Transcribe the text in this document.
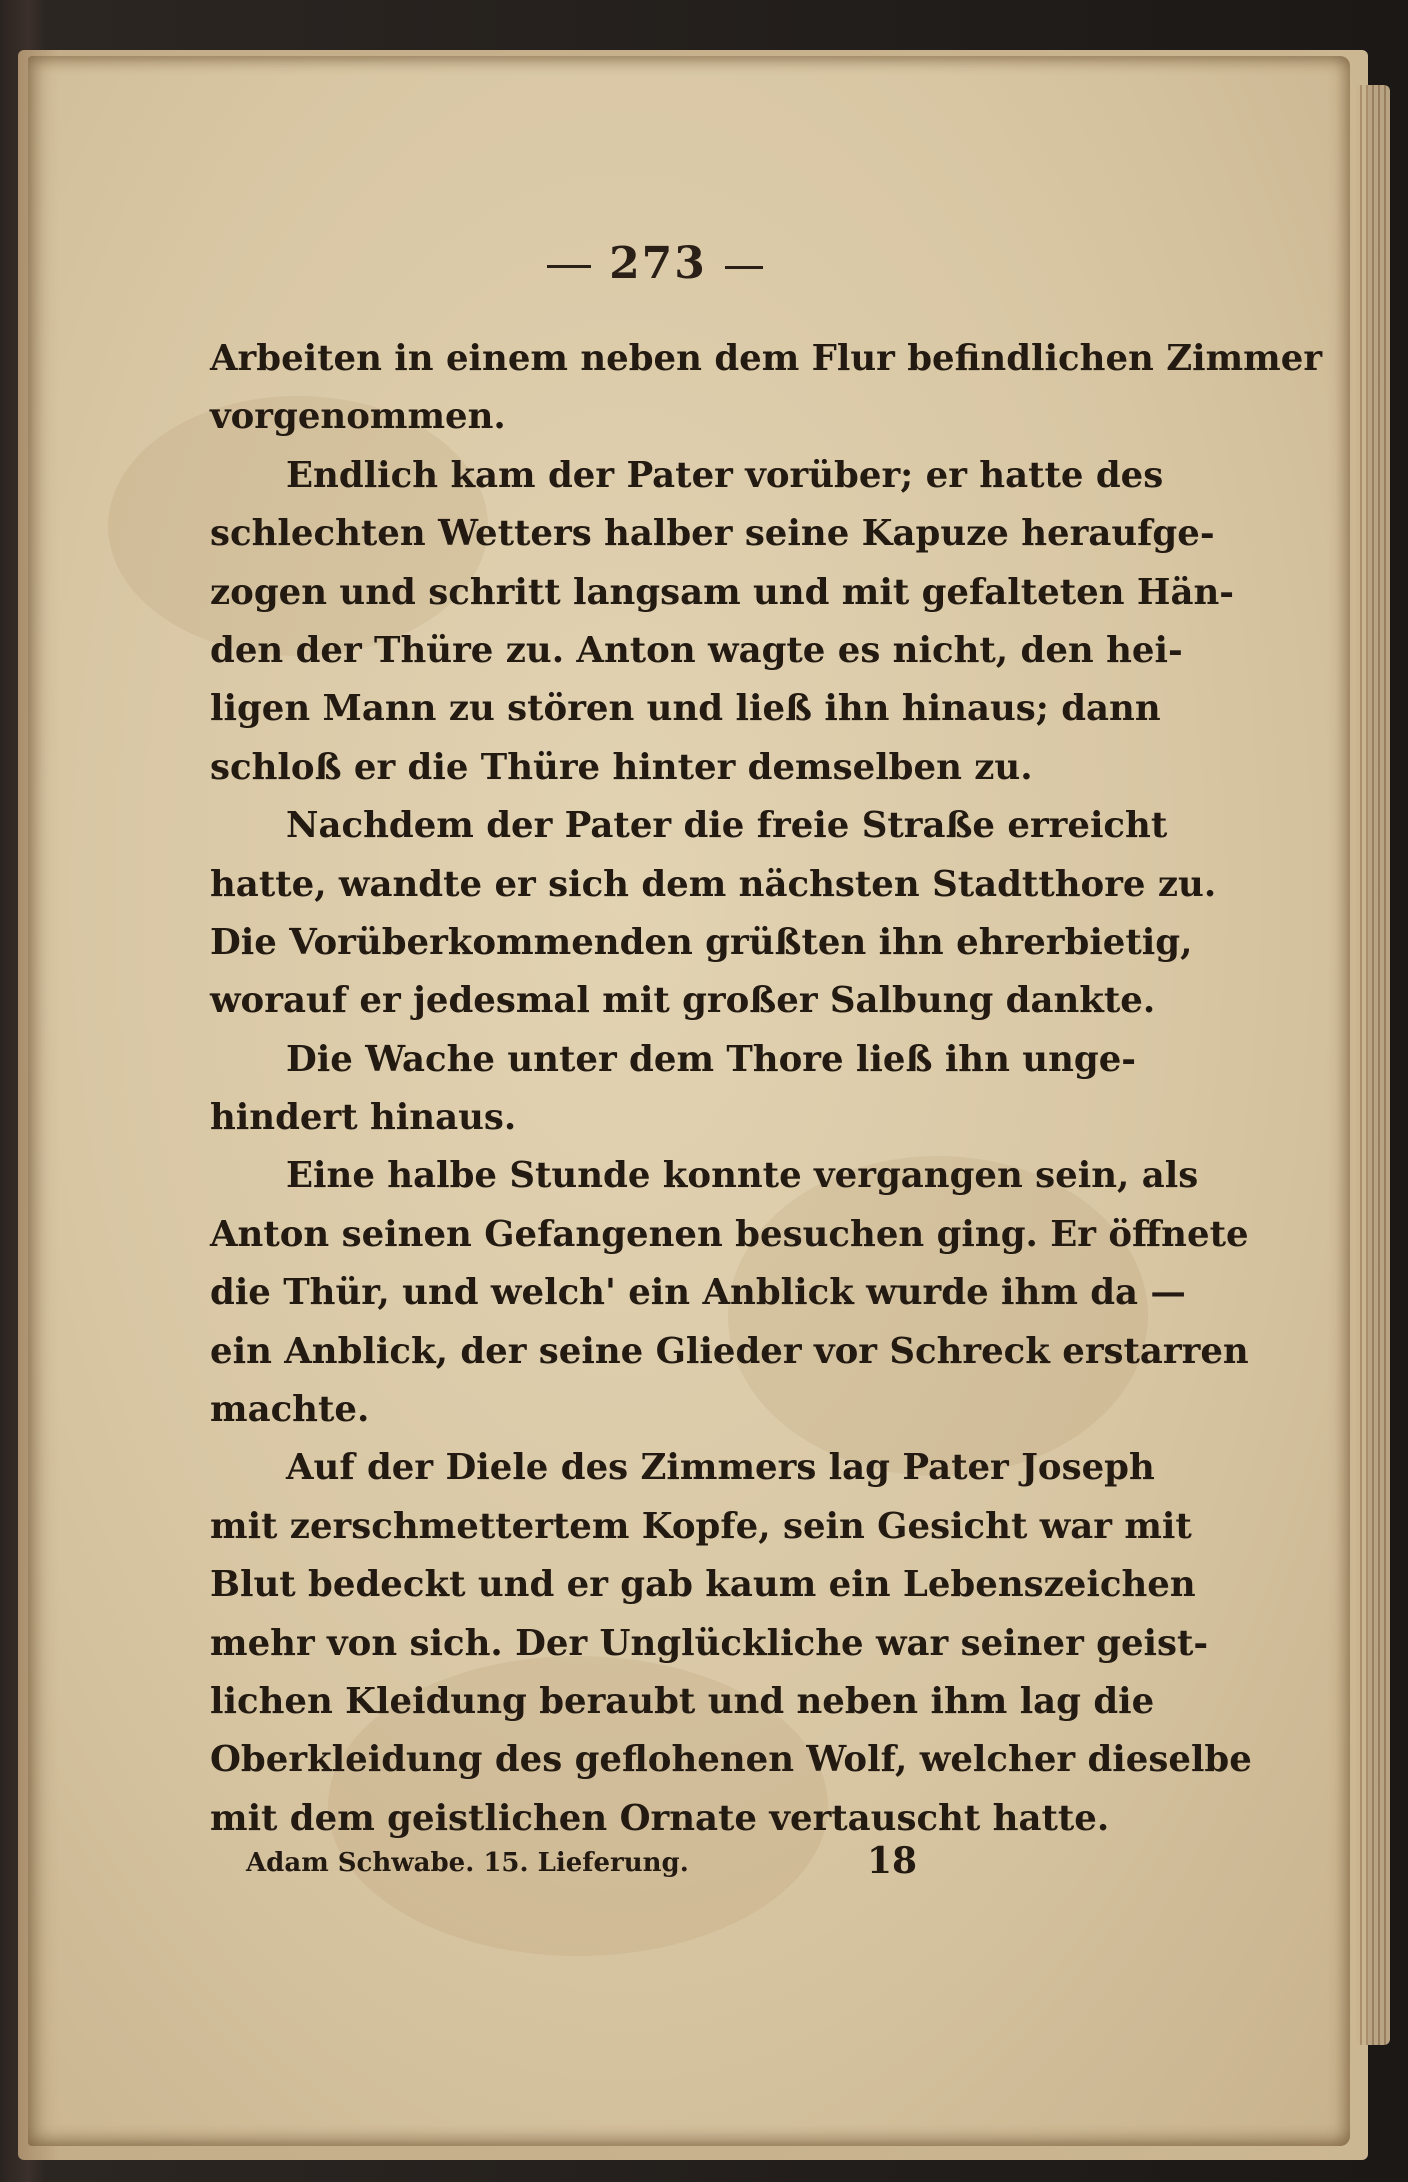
273
Arbeiten in einem neben dem Flur befindlichen Zimmer
vorgenommen.
Endlich kam der Pater vorüber; er hatte des
schlechten Wetters halber seine Kapuze heraufge-
zogen und schritt langsam und mit gefalteten Hän-
den der Thüre zu. Anton wagte es nicht, den hei-
ligen Mann zu stören und ließ ihn hinaus; dann
schloß er die Thüre hinter demselben zu.
Nachdem der Pater die freie Straße erreicht
hatte, wandte er sich dem nächsten Stadtthore zu.
Die Vorüberkommenden grüßten ihn ehrerbietig,
worauf er jedesmal mit großer Salbung dankte.
Die Wache unter dem Thore ließ ihn unge-
hindert hinaus.
Eine halbe Stunde konnte vergangen sein, als
Anton seinen Gefangenen besuchen ging. Er öffnete
die Thür, und welch' ein Anblick wurde ihm da —
ein Anblick, der seine Glieder vor Schreck erstarren
machte.
Auf der Diele des Zimmers lag Pater Joseph
mit zerschmettertem Kopfe, sein Gesicht war mit
Blut bedeckt und er gab kaum ein Lebenszeichen
mehr von sich. Der Unglückliche war seiner geist-
lichen Kleidung beraubt und neben ihm lag die
Oberkleidung des geflohenen Wolf, welcher dieselbe
mit dem geistlichen Ornate vertauscht hatte.
Adam Schwabe. 15. Lieferung.	18
